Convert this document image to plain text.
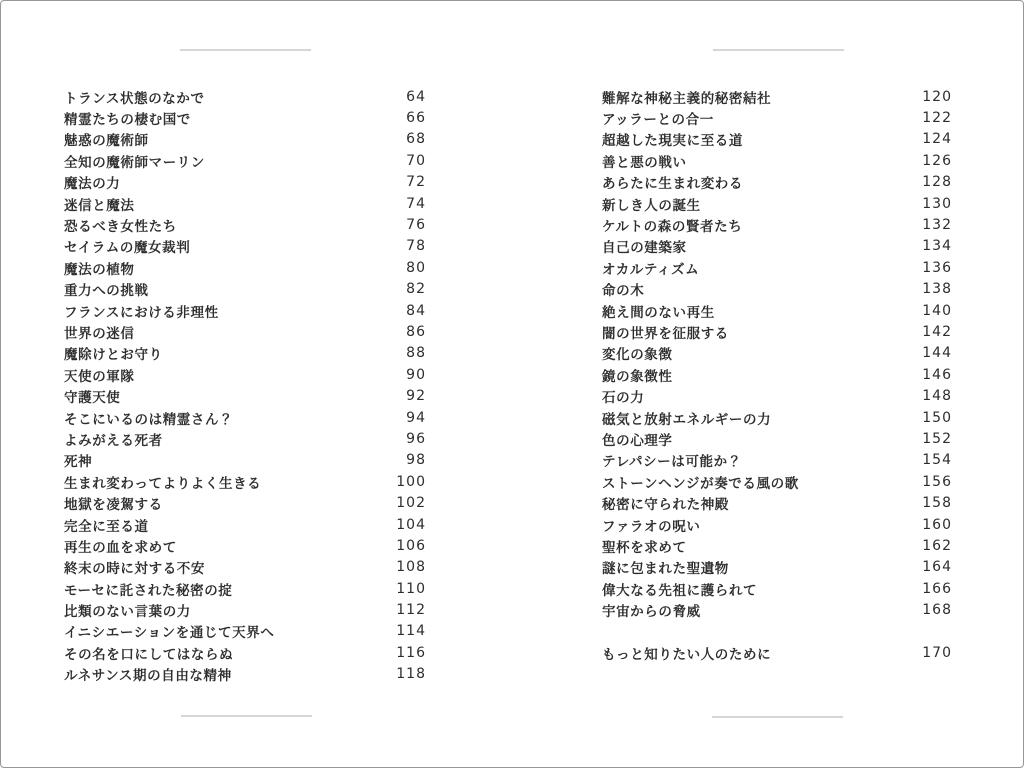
トランス状態のなかで	64
精霊たちの棲む国で	66
魅惑の魔術師	68
全知の魔術師マーリン	70
魔法の力	72
迷信と魔法	74
恐るべき女性たち	76
セイラムの魔女裁判	78
魔法の植物	80
重力への挑戦	82
フランスにおける非理性	84
世界の迷信	86
魔除けとお守り	88
天使の軍隊	90
守護天使	92
そこにいるのは精霊さん？	94
よみがえる死者	96
死神	98
生まれ変わってよりよく生きる	100
地獄を凌駕する	102
完全に至る道	104
再生の血を求めて	106
終末の時に対する不安	108
モーセに託された秘密の掟	110
比類のない言葉の力	112
イニシエーションを通じて天界へ	114
その名を口にしてはならぬ	116
ルネサンス期の自由な精神	118
難解な神秘主義的秘密結社	120
アッラーとの合一	122
超越した現実に至る道	124
善と悪の戦い	126
あらたに生まれ変わる	128
新しき人の誕生	130
ケルトの森の賢者たち	132
自己の建築家	134
オカルティズム	136
命の木	138
絶え間のない再生	140
闇の世界を征服する	142
変化の象徴	144
鏡の象徴性	146
石の力	148
磁気と放射エネルギーの力	150
色の心理学	152
テレパシーは可能か？	154
ストーンヘンジが奏でる風の歌	156
秘密に守られた神殿	158
ファラオの呪い	160
聖杯を求めて	162
謎に包まれた聖遺物	164
偉大なる先祖に護られて	166
宇宙からの脅威	168
もっと知りたい人のために	170
